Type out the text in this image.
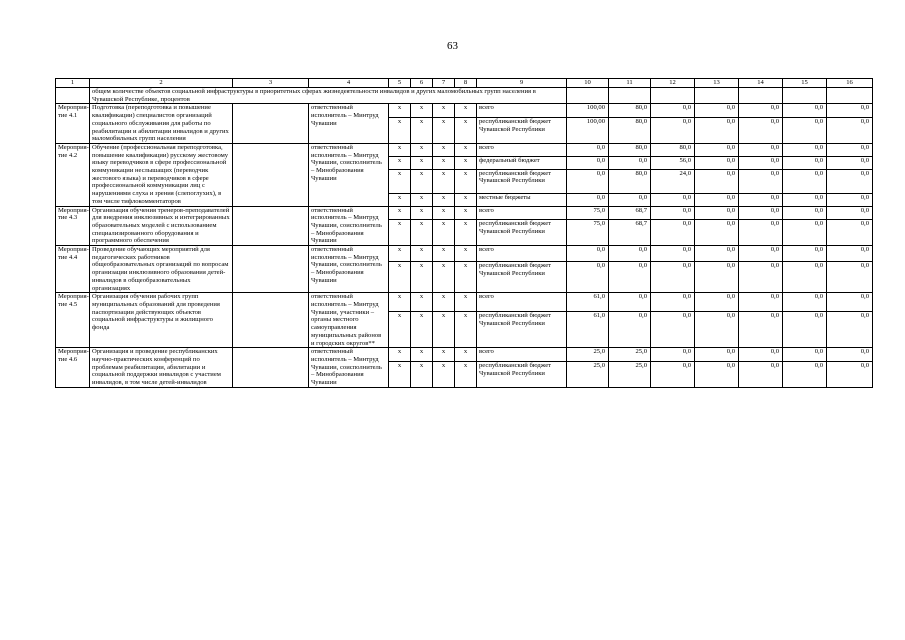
63
1	2	3	4	5	6	7	8	9	10	11	12	13	14	15	16
	общем количестве объектов социальной инфраструктуры в приоритетных сферах жизнедеятельности инвалидов и других маломобильных групп населения в Чувашской Республике, процентов														
Мероприя-тие 4.1	Подготовка (переподготовка и повышение квалификации) специалистов организаций социального обслуживания для работы по реабилитации и абилитации инвалидов и других маломобильных групп населения		ответственный исполнитель – Минтруд Чувашии	x	x	x	x	всего	100,00	80,0	0,0	0,0	0,0	0,0	0,0
				x	x	x	x	республиканский бюджет Чувашской Республики	100,00	80,0	0,0	0,0	0,0	0,0	0,0
Мероприя-тие 4.2	Обучение (профессиональная переподготовка, повышение квалификации) русскому жестовому языку переводчиков в сфере профессиональной коммуникации неслышащих (переводчик жестового языка) и переводчиков в сфере профессиональной коммуникации лиц с нарушениями слуха и зрения (слепоглухих), в том числе тифлокомментаторов		ответственный исполнитель – Минтруд Чувашии, соисполнитель – Минобразования Чувашии	x	x	x	x	всего	0,0	80,0	80,0	0,0	0,0	0,0	0,0
				x	x	x	x	федеральный бюджет	0,0	0,0	56,0	0,0	0,0	0,0	0,0
				x	x	x	x	республиканский бюджет Чувашской Республики	0,0	80,0	24,0	0,0	0,0	0,0	0,0
				x	x	x	x	местные бюджеты	0,0	0,0	0,0	0,0	0,0	0,0	0,0
Мероприя-тие 4.3	Организация обучения тренеров-преподавателей для внедрения инклюзивных и интегрированных образовательных моделей с использованием специализированного оборудования и программного обеспечения		ответственный исполнитель – Минтруд Чувашии, соисполнитель – Минобразования Чувашии	x	x	x	x	всего	75,0	68,7	0,0	0,0	0,0	0,0	0,0
				x	x	x	x	республиканский бюджет Чувашской Республики	75,0	68,7	0,0	0,0	0,0	0,0	0,0
Мероприя-тие 4.4	Проведение обучающих мероприятий для педагогических работников общеобразовательных организаций по вопросам организации инклюзивного образования детей-инвалидов в общеобразовательных организациях		ответственный исполнитель – Минтруд Чувашии, соисполнитель – Минобразования Чувашии	x	x	x	x	всего	0,0	0,0	0,0	0,0	0,0	0,0	0,0
				x	x	x	x	республиканский бюджет Чувашской Республики	0,0	0,0	0,0	0,0	0,0	0,0	0,0
Мероприя-тие 4.5	Организация обучения рабочих групп муниципальных образований для проведения паспортизации действующих объектов социальной инфраструктуры и жилищного фонда		ответственный исполнитель – Минтруд Чувашии, участники – органы местного самоуправления муниципальных районов и городских округов**	x	x	x	x	всего	61,0	0,0	0,0	0,0	0,0	0,0	0,0
				x	x	x	x	республиканский бюджет Чувашской Республики	61,0	0,0	0,0	0,0	0,0	0,0	0,0
Мероприя-тие 4.6	Организация и проведение республиканских научно-практических конференций по проблемам реабилитации, абилитации и социальной поддержки инвалидов с участием инвалидов, в том числе детей-инвалидов		ответственный исполнитель – Минтруд Чувашии, соисполнитель – Минобразования Чувашии	x	x	x	x	всего	25,0	25,0	0,0	0,0	0,0	0,0	0,0
				x	x	x	x	республиканский бюджет Чувашской Республики	25,0	25,0	0,0	0,0	0,0	0,0	0,0
